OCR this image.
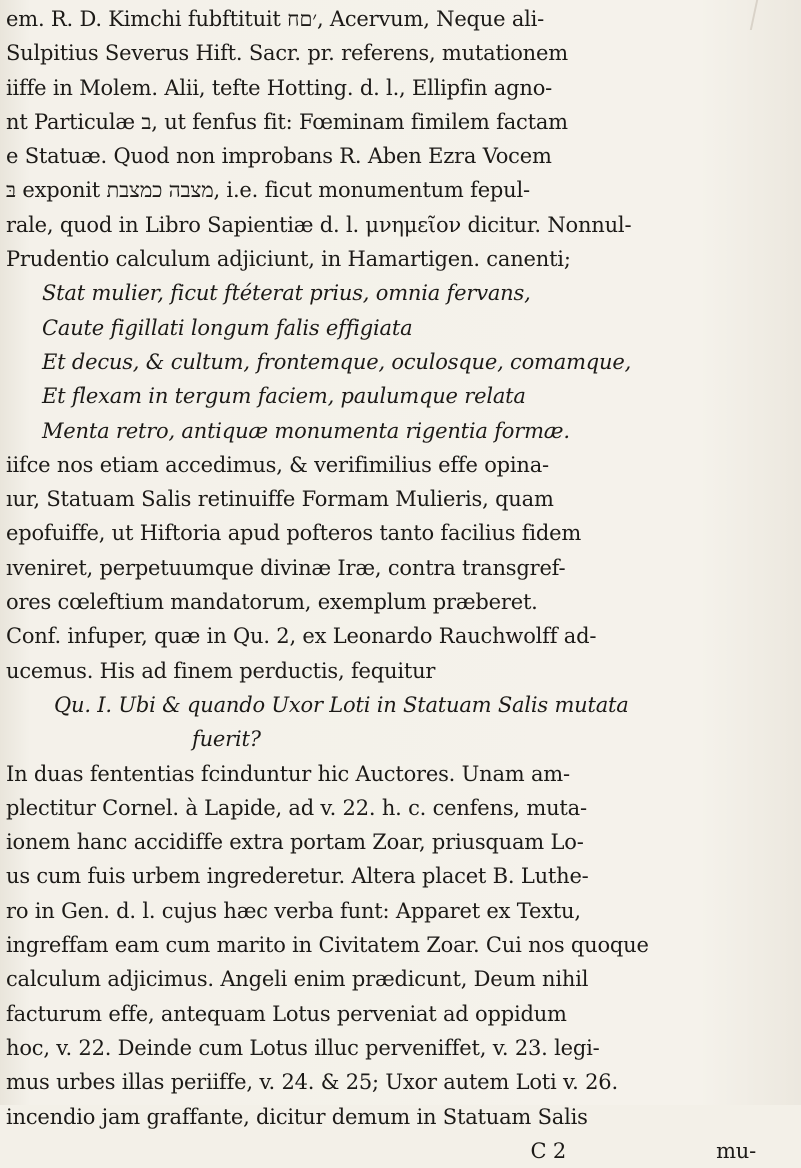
em. R. D. Kimchi fubftituit ׳םח, Acervum, Neque ali-
Sulpitius Severus Hift. Sacr. pr. referens, mutationem
iiffe in Molem. Alii, tefte Hotting. d. l., Ellipfin agno-
nt Particulæ ב, ut fenfus fit: Fœminam fimilem factam
e Statuæ. Quod non improbans R. Aben Ezra Vocem
בּ exponit מצבה כמצבת, i.e. ficut monumentum fepul-
rale, quod in Libro Sapientiæ d. l. μνημεῖον dicitur. Nonnul-
Prudentio calculum adjiciunt, in Hamartigen. canenti;
Stat mulier, ficut ftéterat prius, omnia fervans,
Caute figillati longum falis effigiata
Et decus, & cultum, frontemque, oculosque, comamque,
Et flexam in tergum faciem, paulumque relata
Menta retro, antiquæ monumenta rigentia formæ.
iifce nos etiam accedimus, & verifimilius effe opina-
ıur, Statuam Salis retinuiffe Formam Mulieris, quam
epofuiffe, ut Hiftoria apud pofteros tanto facilius fidem
ıveniret, perpetuumque divinæ Iræ, contra transgref-
ores cœleftium mandatorum, exemplum præberet.
Conf. infuper, quæ in Qu. 2, ex Leonardo Rauchwolff ad-
ucemus. His ad finem perductis, fequitur
Qu. I. Ubi & quando Uxor Loti in Statuam Salis mutata
fuerit?
In duas fententias fcinduntur hic Auctores. Unam am-
plectitur Cornel. à Lapide, ad v. 22. h. c. cenfens, muta-
ionem hanc accidiffe extra portam Zoar, priusquam Lo-
us cum fuis urbem ingrederetur. Altera placet B. Luthe-
ro in Gen. d. l. cujus hæc verba funt: Apparet ex Textu,
ingreffam eam cum marito in Civitatem Zoar. Cui nos quoque
calculum adjicimus. Angeli enim prædicunt, Deum nihil
facturum effe, antequam Lotus perveniat ad oppidum
hoc, v. 22. Deinde cum Lotus illuc perveniffet, v. 23. legi-
mus urbes illas periiffe, v. 24. & 25; Uxor autem Loti v. 26.
incendio jam graffante, dicitur demum in Statuam Salis
C 2	mu-
